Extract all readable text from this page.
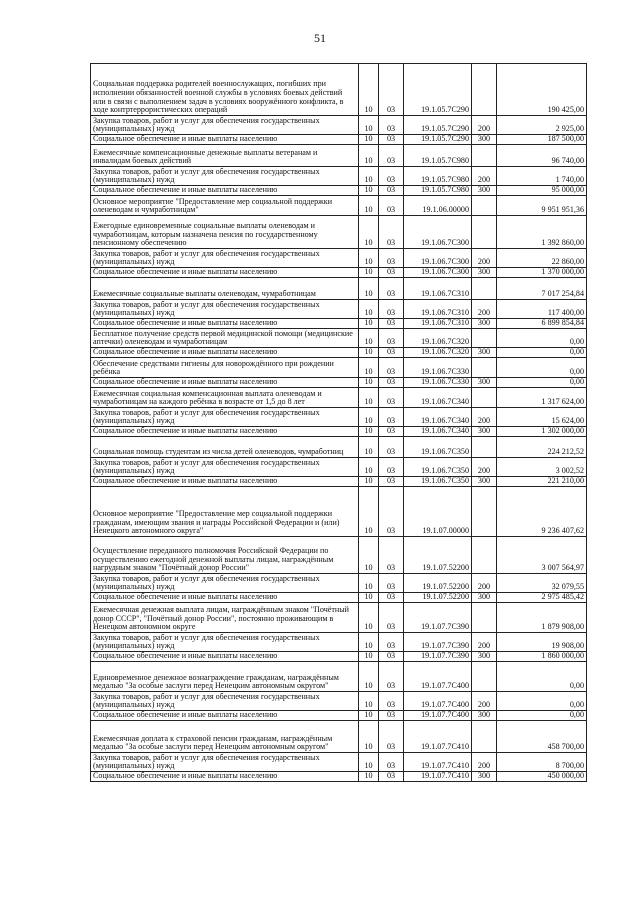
51
Социальная поддержка родителей военнослужащих, погибших при исполнении обязанностей военной службы в условиях боевых действий или в связи с выполнением задач в условиях вооружённого конфликта, в ходе контртеррористических операций	10	03	19.1.05.7С290		190 425,00
Закупка товаров, работ и услуг для обеспечения государственных (муниципальных) нужд	10	03	19.1.05.7С290	200	2 925,00
Социальное обеспечение и иные выплаты населению	10	03	19.1.05.7С290	300	187 500,00
Ежемесячные компенсационные денежные выплаты ветеранам и инвалидам боевых действий	10	03	19.1.05.7С980		96 740,00
Закупка товаров, работ и услуг для обеспечения государственных (муниципальных) нужд	10	03	19.1.05.7С980	200	1 740,00
Социальное обеспечение и иные выплаты населению	10	03	19.1.05.7С980	300	95 000,00
Основное мероприятие "Предоставление мер социальной поддержки оленеводам и чумработницам"	10	03	19.1.06.00000		9 951 951,36
Ежегодные единовременные социальные выплаты оленеводам и чумработницам, которым назначена пенсия по государственному пенсионному обеспечению	10	03	19.1.06.7С300		1 392 860,00
Закупка товаров, работ и услуг для обеспечения государственных (муниципальных) нужд	10	03	19.1.06.7С300	200	22 860,00
Социальное обеспечение и иные выплаты населению	10	03	19.1.06.7С300	300	1 370 000,00
Ежемесячные социальные выплаты оленеводам, чумработницам	10	03	19.1.06.7С310		7 017 254,84
Закупка товаров, работ и услуг для обеспечения государственных (муниципальных) нужд	10	03	19.1.06.7С310	200	117 400,00
Социальное обеспечение и иные выплаты населению	10	03	19.1.06.7С310	300	6 899 854,84
Бесплатное получение средств первой медицинской помощи (медицинские аптечки) оленеводам и чумработницам	10	03	19.1.06.7С320		0,00
Социальное обеспечение и иные выплаты населению	10	03	19.1.06.7С320	300	0,00
Обеспечение средствами гигиены для новорождённого при рождении ребёнка	10	03	19.1.06.7С330		0,00
Социальное обеспечение и иные выплаты населению	10	03	19.1.06.7С330	300	0,00
Ежемесячная социальная компенсационная выплата оленеводам и чумработницам на каждого ребёнка в возрасте от 1,5 до 8 лет	10	03	19.1.06.7С340		1 317 624,00
Закупка товаров, работ и услуг для обеспечения государственных (муниципальных) нужд	10	03	19.1.06.7С340	200	15 624,00
Социальное обеспечение и иные выплаты населению	10	03	19.1.06.7С340	300	1 302 000,00
Социальная помощь студентам из числа детей оленеводов, чумработниц	10	03	19.1.06.7С350		224 212,52
Закупка товаров, работ и услуг для обеспечения государственных (муниципальных) нужд	10	03	19.1.06.7С350	200	3 002,52
Социальное обеспечение и иные выплаты населению	10	03	19.1.06.7С350	300	221 210,00
Основное мероприятие "Предоставление мер социальной поддержки гражданам, имеющим звания и награды Российской Федерации и (или) Ненецкого автономного округа"	10	03	19.1.07.00000		9 236 407,62
Осуществление переданного полномочия Российской Федерации по осуществлению ежегодной денежной выплаты лицам, награждённым нагрудным знаком "Почётный донор России"	10	03	19.1.07.52200		3 007 564,97
Закупка товаров, работ и услуг для обеспечения государственных (муниципальных) нужд	10	03	19.1.07.52200	200	32 079,55
Социальное обеспечение и иные выплаты населению	10	03	19.1.07.52200	300	2 975 485,42
Ежемесячная денежная выплата лицам, награждённым знаком "Почётный донор СССР", "Почётный донор России", постоянно проживающим в Ненецком автономном округе	10	03	19.1.07.7С390		1 879 908,00
Закупка товаров, работ и услуг для обеспечения государственных (муниципальных) нужд	10	03	19.1.07.7С390	200	19 908,00
Социальное обеспечение и иные выплаты населению	10	03	19.1.07.7С390	300	1 860 000,00
Единовременное денежное вознаграждение гражданам, награждённым медалью "За особые заслуги перед Ненецким автономным округом"	10	03	19.1.07.7С400		0,00
Закупка товаров, работ и услуг для обеспечения государственных (муниципальных) нужд	10	03	19.1.07.7С400	200	0,00
Социальное обеспечение и иные выплаты населению	10	03	19.1.07.7С400	300	0,00
Ежемесячная доплата к страховой пенсии гражданам, награждённым медалью "За особые заслуги перед Ненецким автономным округом"	10	03	19.1.07.7С410		458 700,00
Закупка товаров, работ и услуг для обеспечения государственных (муниципальных) нужд	10	03	19.1.07.7С410	200	8 700,00
Социальное обеспечение и иные выплаты населению	10	03	19.1.07.7С410	300	450 000,00
